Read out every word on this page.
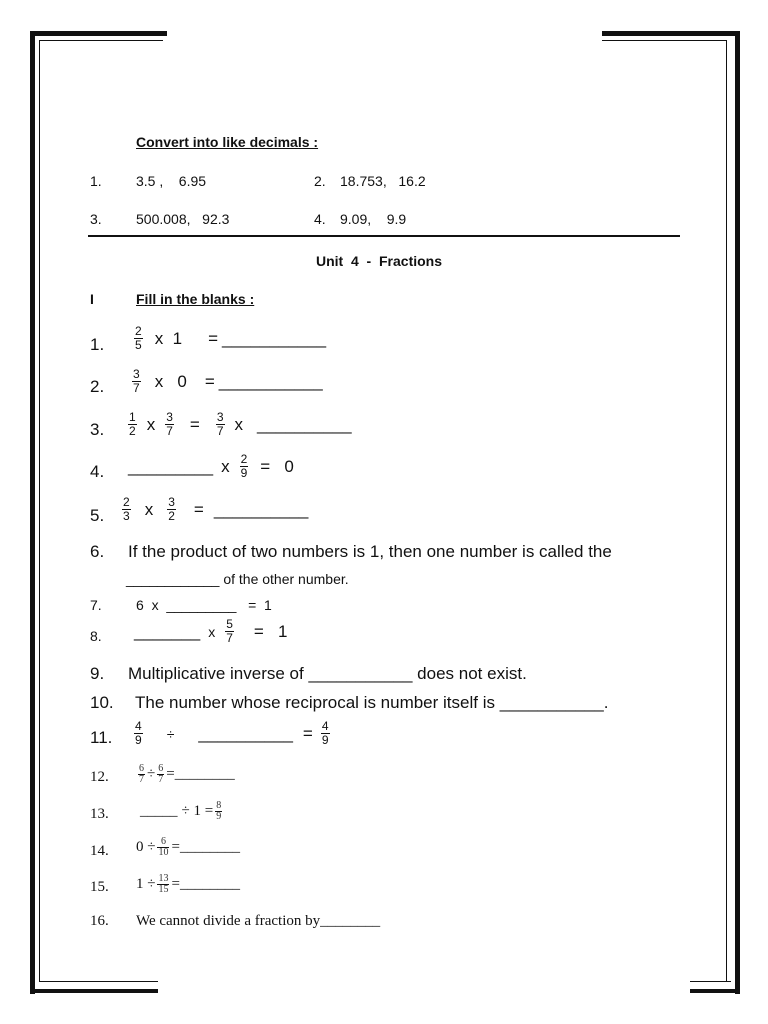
Convert into like decimals :
1. 3.5 ,    6.95	2. 18.753,   16.2
3. 500.008,   92.3	4. 9.09,    9.9
Unit  4  -  Fractions
I	Fill in the blanks :
1. $\frac{2}{5}$ x  1 = ___________
2. $\frac{3}{7}$ x   0 = ___________
3. $\frac{1}{2}$ x $\frac{3}{7} = \frac{3}{7}$ x __________
4. _________ x $\frac{2}{9} = 0$
5. $\frac{2}{3}$ x $\frac{3}{2}$ = __________
6. If the product of two numbers is 1, then one number is called the
____________ of the other number.
7. 6  x  _________   =  1
8. _______ x $\frac{5}{7} = 1$
9. Multiplicative inverse of ___________ does not exist.
10. The number whose reciprocal is number itself is ___________.
11. $\frac{4}{9}$ ÷ __________ = $\frac{4}{9}$
12.	$\frac{6}{7} \div \frac{6}{7}$ = ________
13. _____ ÷ $1 = \frac{8}{9}$
14. $0 \div \frac{6}{10}$ = ________
15. $1 \div \frac{13}{15}$ = ________
16. We cannot divide a fraction by________
